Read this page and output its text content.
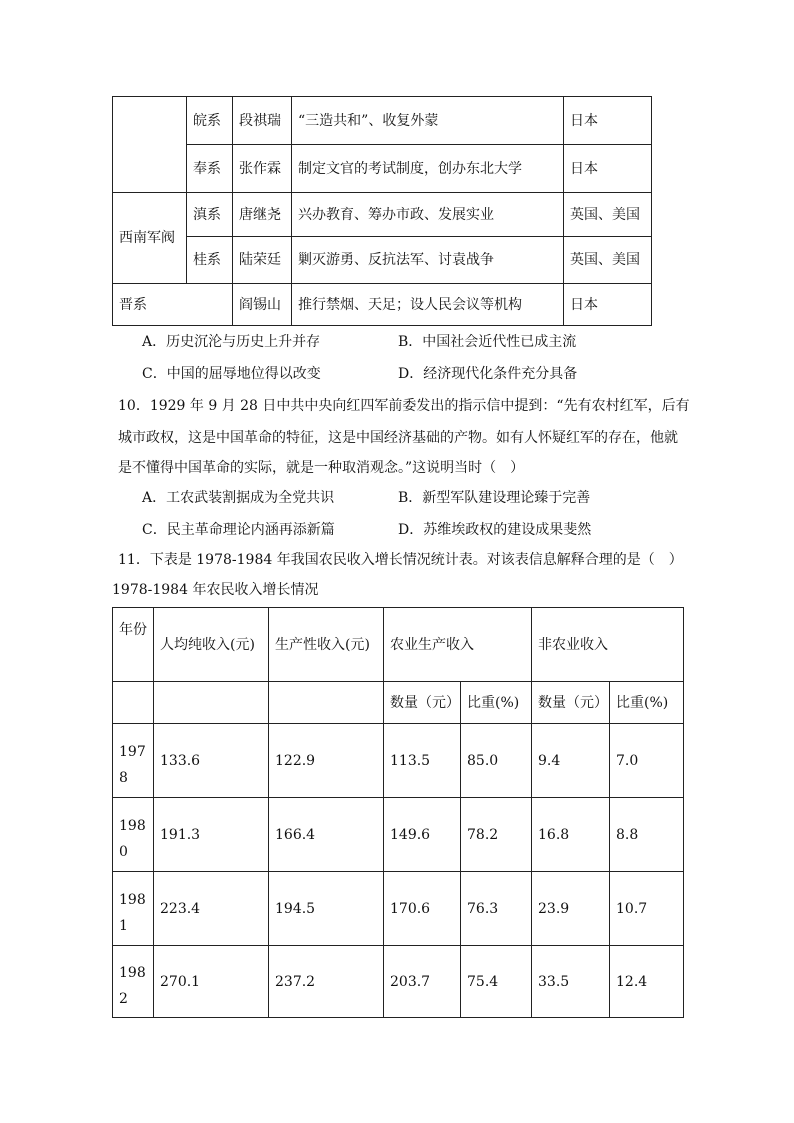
	皖系	段祺瑞	“三造共和”、收复外蒙	日本
	奉系	张作霖	制定文官的考试制度，创办东北大学	日本
西南军阀	滇系	唐继尧	兴办教育、筹办市政、发展实业	英国、美国
	桂系	陆荣廷	剿灭游勇、反抗法军、讨袁战争	英国、美国
晋系		阎锡山	推行禁烟、天足；设人民会议等机构	日本
A．历史沉沦与历史上升并存	B．中国社会近代性已成主流
C．中国的屈辱地位得以改变	D．经济现代化条件充分具备
10．1929 年 9 月 28 日中共中央向红四军前委发出的指示信中提到：“先有农村红军，后有
城市政权，这是中国革命的特征，这是中国经济基础的产物。如有人怀疑红军的存在，他就
是不懂得中国革命的实际，就是一种取消观念。”这说明当时（　）
A．工农武装割据成为全党共识	B．新型军队建设理论臻于完善
C．民主革命理论内涵再添新篇	D．苏维埃政权的建设成果斐然
11．下表是 1978-1984 年我国农民收入增长情况统计表。对该表信息解释合理的是（　）
1978-1984 年农民收入增长情况
年份	人均纯收入(元)	生产性收入(元)	农业生产收入		非农业收入	
			数量（元）	比重(%)	数量（元）	比重(%)
1978	133.6	122.9	113.5	85.0	9.4	7.0
1980	191.3	166.4	149.6	78.2	16.8	8.8
1981	223.4	194.5	170.6	76.3	23.9	10.7
1982	270.1	237.2	203.7	75.4	33.5	12.4
